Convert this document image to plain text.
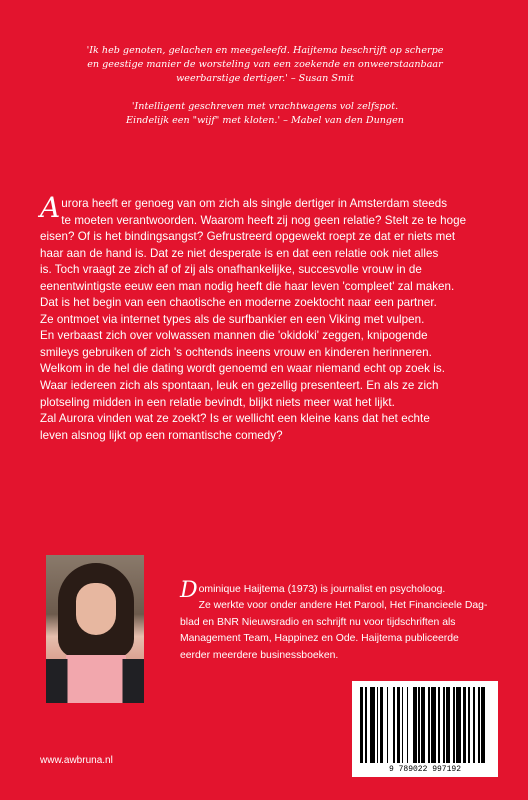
'Ik heb genoten, gelachen en meegeleefd. Haijtema beschrijft op scherpe
en geestige manier de worsteling van een zoekende en onweerstaanbaar
weerbarstige dertiger.' – Susan Smit
'Intelligent geschreven met vrachtwagens vol zelfspot.
Eindelijk een "wijf" met kloten.' – Mabel van den Dungen
A urora heeft er genoeg van om zich als single dertiger in Amsterdam steeds
te moeten verantwoorden. Waarom heeft zij nog geen relatie? Stelt ze te hoge
eisen? Of is het bindingsangst? Gefrustreerd opgewekt roept ze dat er niets met
haar aan de hand is. Dat ze niet desperate is en dat een relatie ook niet alles
is. Toch vraagt ze zich af of zij als onafhankelijke, succesvolle vrouw in de
eenentwintigste eeuw een man nodig heeft die haar leven 'compleet' zal maken.
Dat is het begin van een chaotische en moderne zoektocht naar een partner.
Ze ontmoet via internet types als de surfbankier en een Viking met vulpen.
En verbaast zich over volwassen mannen die 'okidoki' zeggen, knipogende
smileys gebruiken of zich 's ochtends ineens vrouw en kinderen herinneren.
Welkom in de hel die dating wordt genoemd en waar niemand echt op zoek is.
Waar iedereen zich als spontaan, leuk en gezellig presenteert. En als ze zich
plotseling midden in een relatie bevindt, blijkt niets meer wat het lijkt.
Zal Aurora vinden wat ze zoekt? Is er wellicht een kleine kans dat het echte
leven alsnog lijkt op een romantische comedy?
D ominique Haijtema (1973) is journalist en psycholoog.
Ze werkte voor onder andere Het Parool, Het Financieele Dag-
blad en BNR Nieuwsradio en schrijft nu voor tijdschriften als
Management Team, Happinez en Ode. Haijtema publiceerde
eerder meerdere businessboeken.
www.awbruna.nl
9 789022 997192
